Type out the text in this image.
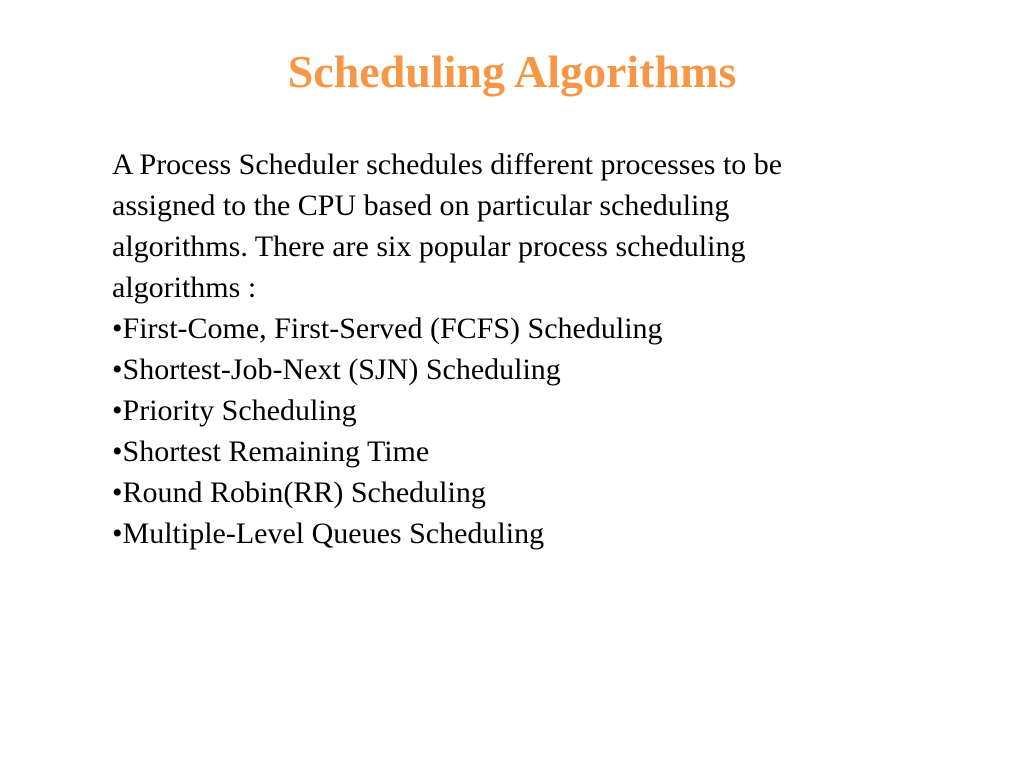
Scheduling Algorithms
A Process Scheduler schedules different processes to be
assigned to the CPU based on particular scheduling
algorithms. There are six popular process scheduling
algorithms :
•First-Come, First-Served (FCFS) Scheduling
•Shortest-Job-Next (SJN) Scheduling
•Priority Scheduling
•Shortest Remaining Time
•Round Robin(RR) Scheduling
•Multiple-Level Queues Scheduling
